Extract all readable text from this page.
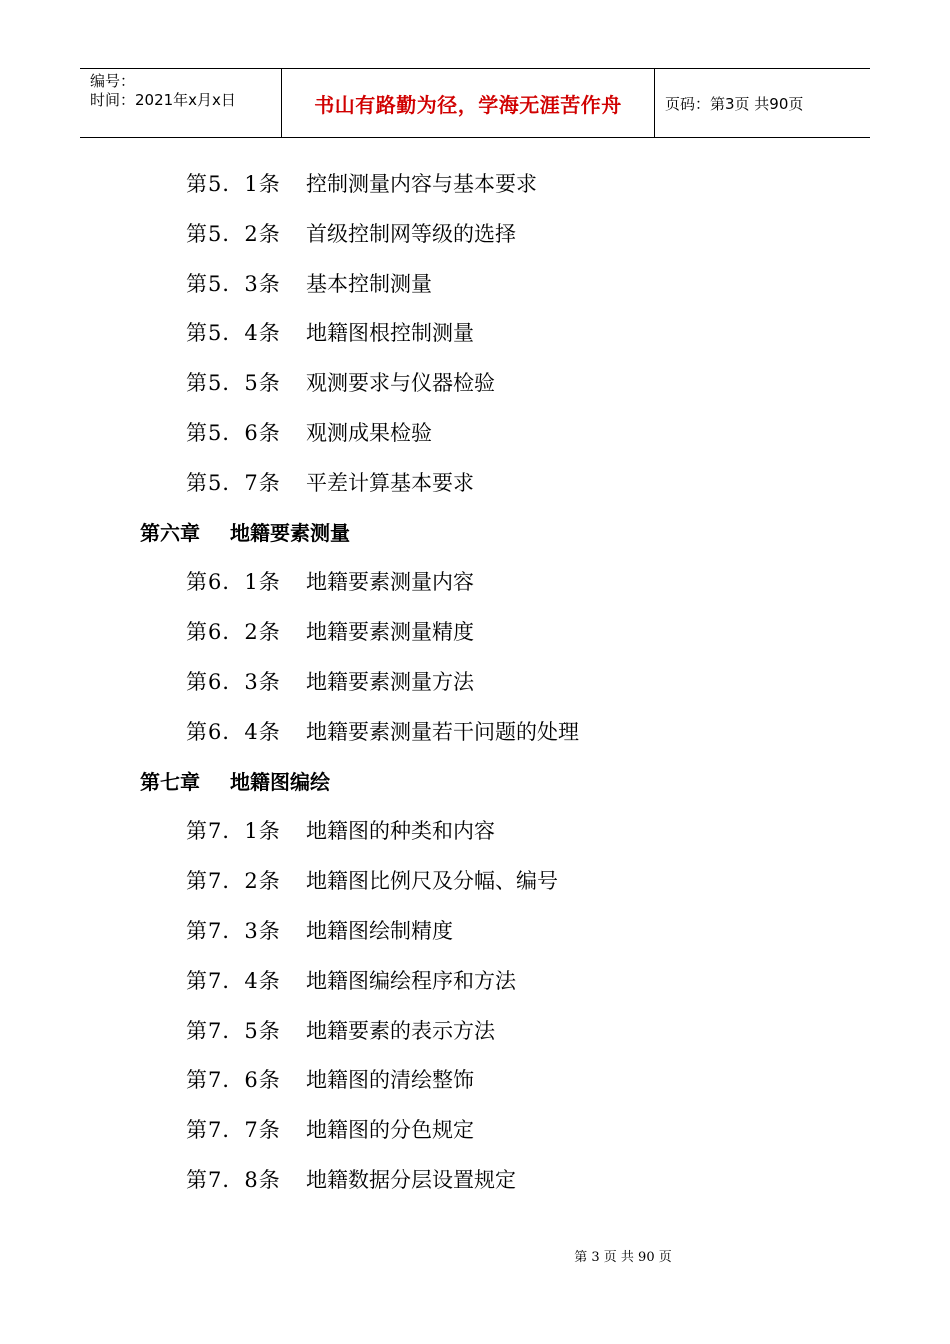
编号：
时间：2021年x月x日	书山有路勤为径，学海无涯苦作舟	页码：第3页 共90页
第5．1条 控制测量内容与基本要求
第5．2条 首级控制网等级的选择
第5．3条 基本控制测量
第5．4条 地籍图根控制测量
第5．5条 观测要求与仪器检验
第5．6条 观测成果检验
第5．7条 平差计算基本要求
第六章 地籍要素测量
第6．1条 地籍要素测量内容
第6．2条 地籍要素测量精度
第6．3条 地籍要素测量方法
第6．4条 地籍要素测量若干问题的处理
第七章 地籍图编绘
第7．1条 地籍图的种类和内容
第7．2条 地籍图比例尺及分幅、编号
第7．3条 地籍图绘制精度
第7．4条 地籍图编绘程序和方法
第7．5条 地籍要素的表示方法
第7．6条 地籍图的清绘整饰
第7．7条 地籍图的分色规定
第7．8条 地籍数据分层设置规定
第 3 页 共 90 页
